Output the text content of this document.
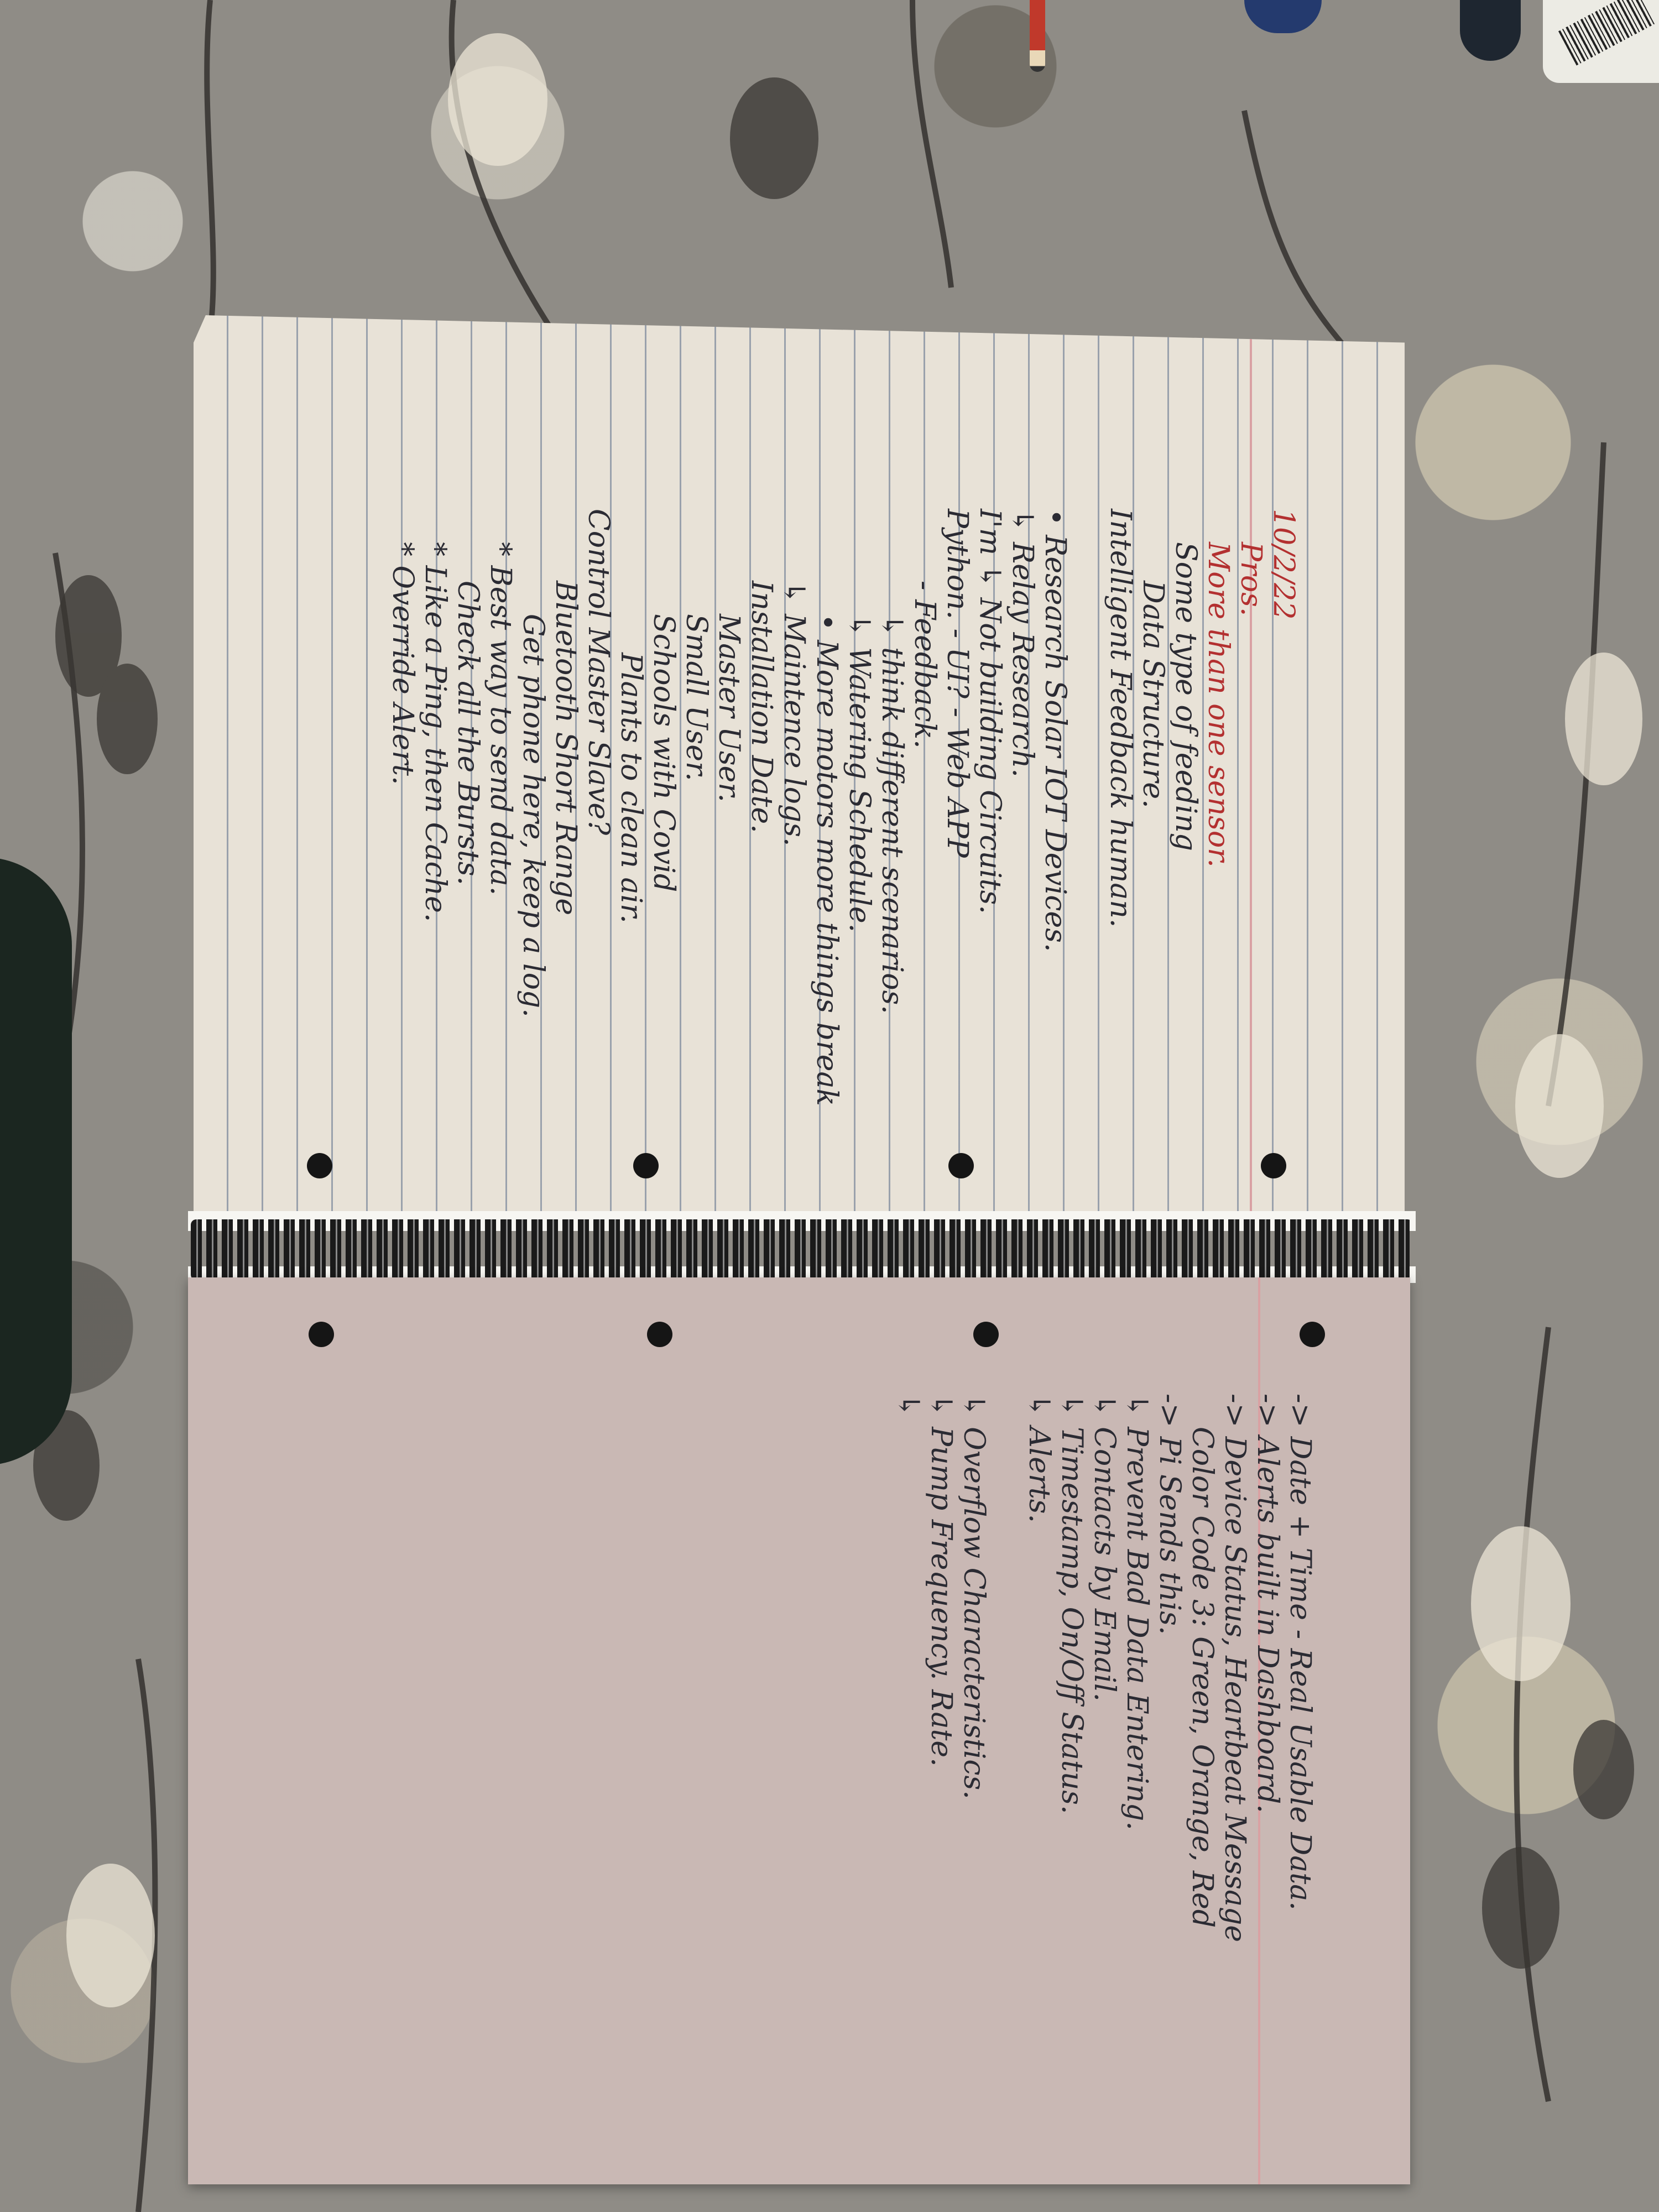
10/2/22
Pros.
More than one sensor.
Some type of feeding
Data Structure.
Intelligent Feedback human.
• Research Solar IOT Devices.
↳ Relay Research.
I'm ↳ Not building Circuits.
Python. - UI? - Web APP
- Feedback.
↳ think different scenarios.
↳ Watering Schedule.
• More motors more things break
↳ Maintence logs.
Installation Date.
Master User.
Small User.
Schools with Covid
Plants to clean air.
Control Master Slave?
Bluetooth Short Range
Get phone here, keep a log.
* Best way to send data.
Check all the Bursts.
* Like a Ping, then Cache.
* Override Alert.
-> Date + Time - Real Usable Data.
-> Alerts built in Dashboard.
-> Device Status, Heartbeat Message
Color Code 3: Green, Orange, Red
-> Pi Sends this.
↳ Prevent Bad Data Entering.
↳ Contacts by Email.
↳ Timestamp, On/Off Status.
↳ Alerts.
↳ Overflow Characteristics.
↳ Pump Frequency. Rate.
↳
